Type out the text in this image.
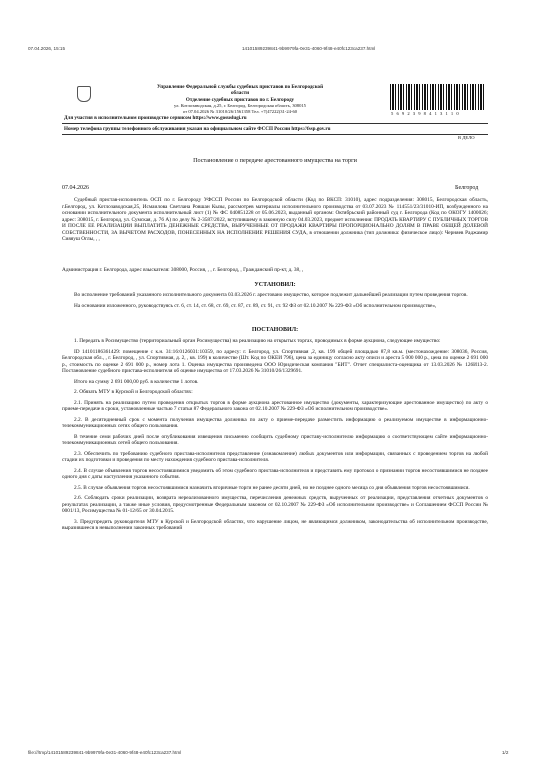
07.04.2026, 15:15	14101589239841-9b9979fa-0e31-4060-9f48-e40fc123ca237.html
Управление Федеральной службы судебных приставов по Белгородской
области
Отделение судебных приставов по г. Белгороду
ул. Котлозаводская, д.25, г. Белгород, Белгородская область, 308015
от 07.04.2026 № 31010/26/1561358 Тел. +7(47222)31-24-60	5 6 9 2 3 9 8 4 1 3 1 1 0
Для участия в исполнительном производстве сервисом https://www.gosuslugi.ru
Номер телефона группы телефонного обслуживания указан на официальном сайте ФССП России https://fssp.gov.ru
В ДЕЛО
Постановление о передаче арестованного имущества на торги
07.04.2026	Белгород

Судебный пристав-исполнитель ОСП по г. Белгороду УФССП России по Белгородской области (Код по ВКСП: 31010), адрес подразделения: 308015, Белгородская область, г.Белгород, ул. Котлозаводская,25, Исмаилова Светлана Ровшан Кызы, рассмотрев материалы исполнительного производства от 03.07.2023 № 114551/23/31010-ИП, возбужденного на основании исполнительного документа исполнительный лист (1) № ФС 040851228 от 05.06.2023, выданный органом: Октябрьский районный суд г. Белгорода (Код по ОКОГУ 1400026; адрес: 308015, г. Белгород, ул. Сумская, д. 76 А) по делу № 2-3587/2022, вступившему в законную силу 04.03.2023, предмет исполнения: ПРОДАТЬ КВАРТИРУ С ПУБЛИЧНЫХ ТОРГОВ И ПОСЛЕ ЕЕ РЕАЛИЗАЦИИ ВЫПЛАТИТЬ ДЕНЕЖНЫЕ СРЕДСТВА, ВЫРУЧЕННЫЕ ОТ ПРОДАЖИ КВАРТИРЫ ПРОПОРЦИОНАЛЬНО ДОЛЯМ В ПРАВЕ ОБЩЕЙ ДОЛЕВОЙ СОБСТВЕННОСТИ, ЗА ВЫЧЕТОМ РАСХОДОВ, ПОНЕСЕННЫХ НА ИСПОЛНЕНИЕ РЕШЕНИЯ СУДА, в отношении должника (тип должника: физическое лицо): Черняев Раджамир Сияяуш Оглы, , ,

Администрация г. Белгорода, адрес взыскателя: 308000, Россия, , , г. Белгород, , Гражданский пр-кт, д. 38, ,

УСТАНОВИЛ:

Во исполнение требований указанного исполнительного документа 03.03.2026 г. арестовано имущество, которое подлежит дальнейшей реализации путем проведения торгов.

На основании изложенного, руководствуясь ст. 6, ст. 14, ст. 68, ст. 69, ст. 87, ст. 89, ст. 91, ст. 92 ФЗ от 02.10.2007 № 229-ФЗ «Об исполнительном производстве»,

ПОСТАНОВИЛ:

1. Передать в Росимущество (территориальный орган Росимущества) на реализацию на открытых торгах, проводимых в форме аукциона, следующее имущество:

ID 14101186361429: помещение с к.н. 31:16:0126031:10359, по адресу: г. Белгород, ул. Спортивная ,2, кв. 199 общей площадью 87,8 кв.м. (местонахождение: 308036, Россия, Белгородская обл., , г. Белгород, , ул. Спортивная, д. 2, , кв. 199) в количестве (Шт. Код по ОКЕИ 796), цена за единицу согласно акту описи и ареста 5 000 000 р., цена по оценке 2 691 000 р., стоимость по оценке 2 691 000 р., номер лота 1. Оценка имущества произведена ООО Юридическая компания "БИТ". Отчет специалиста-оценщика от 13.03.2026 № 126И13-2. Постановление судебного пристава-исполнителя об оценке имущества от 17.03.2026 № 31010/26/1329691.

Итого на сумму 2 691 000,00 руб. в количестве 1 лотов.

2. Обязать МТУ в Курской и Белгородской областях:

2.1. Принять на реализацию путем проведения открытых торгов в форме аукциона арестованное имущество (документы, характеризующие арестованное имущество) по акту о приеме-передаче в сроки, установленные частью 7 статьи 87 Федерального закона от 02.10.2007 № 229-ФЗ «Об исполнительном производстве».

2.2. В десятидневный срок с момента получения имущества должника по акту о приеме-передаче разместить информацию о реализуемом имуществе в информационно-телекоммуникационных сетях общего пользования.

В течение семи рабочих дней после опубликования извещения письменно сообщить судебному приставу-исполнителю информацию о соответствующем сайте информационно-телекоммуникационных сетей общего пользования.

2.3. Обеспечить по требованию судебного пристава-исполнителя представление (ознакомление) любых документов или информации, связанных с проведением торгов на любой стадии их подготовки и проведения по месту нахождения судебного пристава-исполнителя.

2.4. В случае объявления торгов несостоявшимися уведомить об этом судебного пристава-исполнителя и представить ему протокол о признании торгов несостоявшимися не позднее одного дня с даты наступления указанного события.

2.5. В случае объявления торгов несостоявшимися назначить вторичные торги не ранее десяти дней, но не позднее одного месяца со дня объявления торгов несостоявшимися.

2.6. Соблюдать сроки реализации, возврата нереализованного имущества, перечисления денежных средств, вырученных от реализации, представления отчетных документов о результатах реализации, а также иные условия, предусмотренные Федеральным законом от 02.10.2007 № 229-ФЗ «Об исполнительном производстве» и Соглашением ФССП России № 0001/13, Росимущества № 01-12/65 от 30.04.2015.

3. Предупредить руководителя МТУ в Курской и Белгородской областях, что нарушение лицом, не являющимся должником, законодательства об исполнительном производстве, выразившееся в невыполнении законных требований

file:///tmp/14101589239841-9b9979fa-0e31-4060-9f48-e40fc123ca237.html	1/2
